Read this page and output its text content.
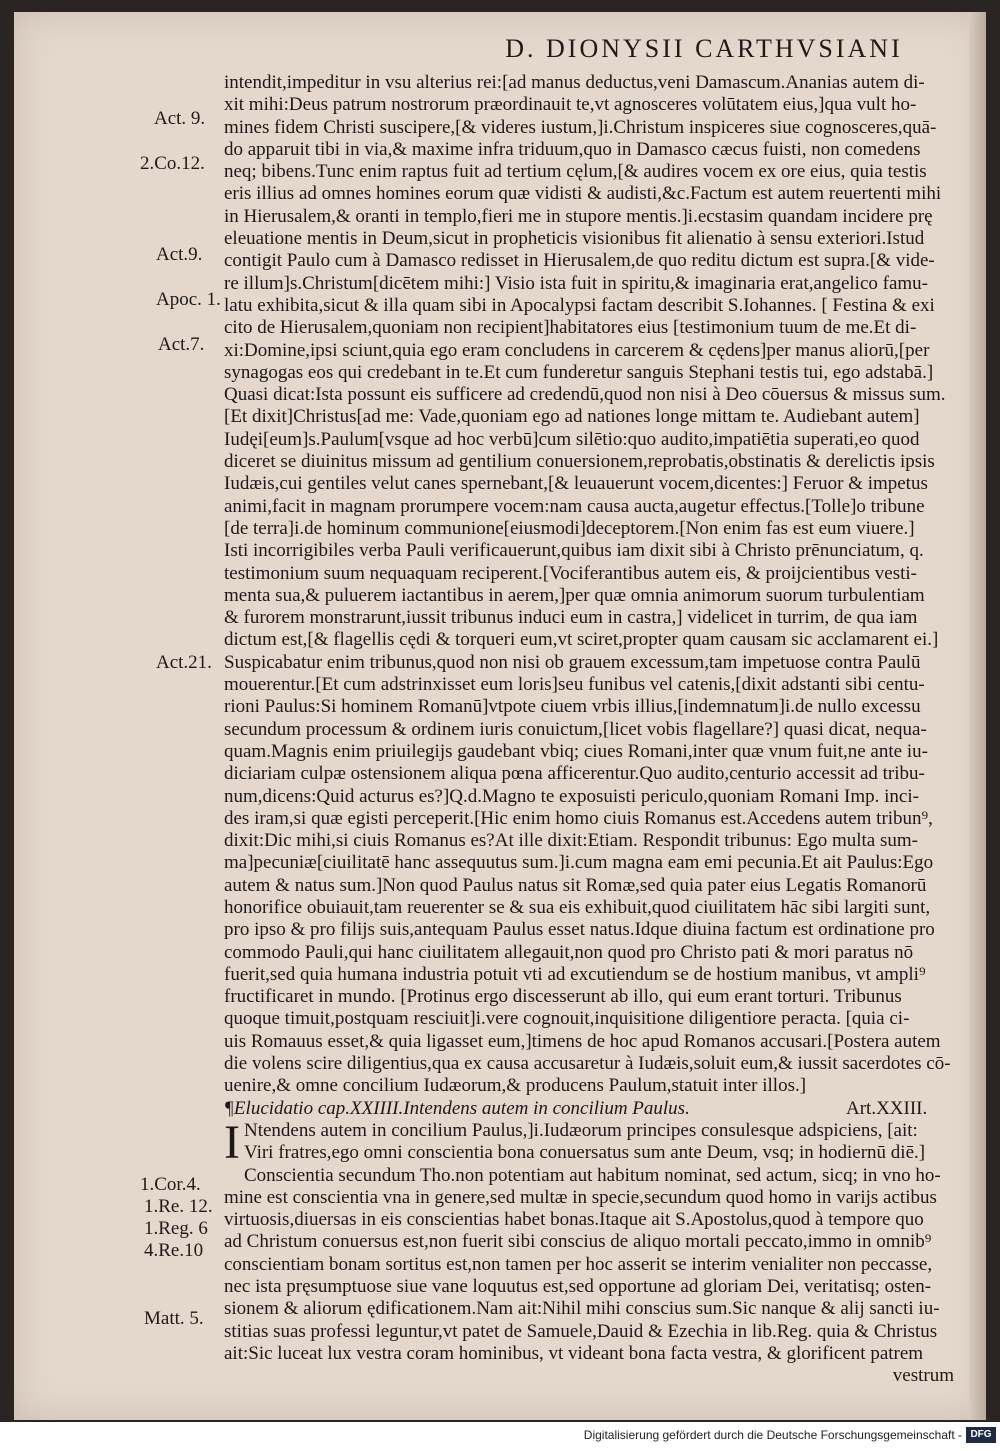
D. DIONYSII CARTHVSIANI
Act. 9.
2.Co.12.
Act.9.
Apoc. 1.
Act.7.
Act.21.
1.Cor.4.
1.Re. 12.
1.Reg. 6
4.Re.10
Matt. 5.
intendit,impeditur in vsu alterius rei:[ad manus deductus,veni Damascum.Ananias autem di-
xit mihi:Deus patrum nostrorum præordinauit te,vt agnosceres volūtatem eius,]qua vult ho-
mines fidem Christi suscipere,[& videres iustum,]i.Christum inspiceres siue cognosceres,quā-
do apparuit tibi in via,& maxime infra triduum,quo in Damasco cæcus fuisti, non comedens
neq; bibens.Tunc enim raptus fuit ad tertium cęlum,[& audires vocem ex ore eius, quia testis
eris illius ad omnes homines eorum quæ vidisti & audisti,&c.Factum est autem reuertenti mihi
in Hierusalem,& oranti in templo,fieri me in stupore mentis.]i.ecstasim quandam incidere prę
eleuatione mentis in Deum,sicut in propheticis visionibus fit alienatio à sensu exteriori.Istud
contigit Paulo cum à Damasco redisset in Hierusalem,de quo reditu dictum est supra.[& vide-
re illum]s.Christum[dicētem mihi:] Visio ista fuit in spiritu,& imaginaria erat,angelico famu-
latu exhibita,sicut & illa quam sibi in Apocalypsi factam describit S.Iohannes. [ Festina & exi
cito de Hierusalem,quoniam non recipient]habitatores eius [testimonium tuum de me.Et di-
xi:Domine,ipsi sciunt,quia ego eram concludens in carcerem & cędens]per manus aliorū,[per
synagogas eos qui credebant in te.Et cum funderetur sanguis Stephani testis tui, ego adstabā.]
Quasi dicat:Ista possunt eis sufficere ad credendū,quod non nisi à Deo cōuersus & missus sum.
[Et dixit]Christus[ad me: Vade,quoniam ego ad nationes longe mittam te. Audiebant autem]
Iudęi[eum]s.Paulum[vsque ad hoc verbū]cum silētio:quo audito,impatiētia superati,eo quod
diceret se diuinitus missum ad gentilium conuersionem,reprobatis,obstinatis & derelictis ipsis
Iudæis,cui gentiles velut canes spernebant,[& leuauerunt vocem,dicentes:] Feruor & impetus
animi,facit in magnam prorumpere vocem:nam causa aucta,augetur effectus.[Tolle]o tribune
[de terra]i.de hominum communione[eiusmodi]deceptorem.[Non enim fas est eum viuere.]
Isti incorrigibiles verba Pauli verificauerunt,quibus iam dixit sibi à Christo prēnunciatum, q.
testimonium suum nequaquam reciperent.[Vociferantibus autem eis, & proijcientibus vesti-
menta sua,& puluerem iactantibus in aerem,]per quæ omnia animorum suorum turbulentiam
& furorem monstrarunt,iussit tribunus induci eum in castra,] videlicet in turrim, de qua iam
dictum est,[& flagellis cędi & torqueri eum,vt sciret,propter quam causam sic acclamarent ei.]
Suspicabatur enim tribunus,quod non nisi ob grauem excessum,tam impetuose contra Paulū
mouerentur.[Et cum adstrinxisset eum loris]seu funibus vel catenis,[dixit adstanti sibi centu-
rioni Paulus:Si hominem Romanū]vtpote ciuem vrbis illius,[indemnatum]i.de nullo excessu
secundum processum & ordinem iuris conuictum,[licet vobis flagellare?] quasi dicat, nequa-
quam.Magnis enim priuilegijs gaudebant vbiq; ciues Romani,inter quæ vnum fuit,ne ante iu-
diciariam culpæ ostensionem aliqua pœna afficerentur.Quo audito,centurio accessit ad tribu-
num,dicens:Quid acturus es?]Q.d.Magno te exposuisti periculo,quoniam Romani Imp. inci-
des iram,si quæ egisti perceperit.[Hic enim homo ciuis Romanus est.Accedens autem tribun⁹,
dixit:Dic mihi,si ciuis Romanus es?At ille dixit:Etiam. Respondit tribunus: Ego multa sum-
ma]pecuniæ[ciuilitatē hanc assequutus sum.]i.cum magna eam emi pecunia.Et ait Paulus:Ego
autem & natus sum.]Non quod Paulus natus sit Romæ,sed quia pater eius Legatis Romanorū
honorifice obuiauit,tam reuerenter se & sua eis exhibuit,quod ciuilitatem hāc sibi largiti sunt,
pro ipso & pro filijs suis,antequam Paulus esset natus.Idque diuina factum est ordinatione pro
commodo Pauli,qui hanc ciuilitatem allegauit,non quod pro Christo pati & mori paratus nō
fuerit,sed quia humana industria potuit vti ad excutiendum se de hostium manibus, vt ampli⁹
fructificaret in mundo. [Protinus ergo discesserunt ab illo, qui eum erant torturi. Tribunus
quoque timuit,postquam resciuit]i.vere cognouit,inquisitione diligentiore peracta. [quia ci-
uis Romauus esset,& quia ligasset eum,]timens de hoc apud Romanos accusari.[Postera autem
die volens scire diligentius,qua ex causa accusaretur à Iudæis,soluit eum,& iussit sacerdotes cō-
uenire,& omne concilium Iudæorum,& producens Paulum,statuit inter illos.]
¶Elucidatio cap.XXIIII.Intendens autem in concilium Paulus.	Art.XXIII.
I Ntendens autem in concilium Paulus,]i.Iudæorum principes consulesque adspiciens, [ait:
Viri fratres,ego omni conscientia bona conuersatus sum ante Deum, vsq; in hodiernū diē.]
Conscientia secundum Tho.non potentiam aut habitum nominat, sed actum, sicq; in vno ho-
mine est conscientia vna in genere,sed multæ in specie,secundum quod homo in varijs actibus
virtuosis,diuersas in eis conscientias habet bonas.Itaque ait S.Apostolus,quod à tempore quo
ad Christum conuersus est,non fuerit sibi conscius de aliquo mortali peccato,immo in omnib⁹
conscientiam bonam sortitus est,non tamen per hoc asserit se interim venialiter non peccasse,
nec ista pręsumptuose siue vane loquutus est,sed opportune ad gloriam Dei, veritatisq; osten-
sionem & aliorum ędificationem.Nam ait:Nihil mihi conscius sum.Sic nanque & alij sancti iu-
stitias suas professi leguntur,vt patet de Samuele,Dauid & Ezechia in lib.Reg. quia & Christus
ait:Sic luceat lux vestra coram hominibus, vt videant bona facta vestra, & glorificent patrem
vestrum
Digitalisierung gefördert durch die Deutsche Forschungsgemeinschaft - DFG
